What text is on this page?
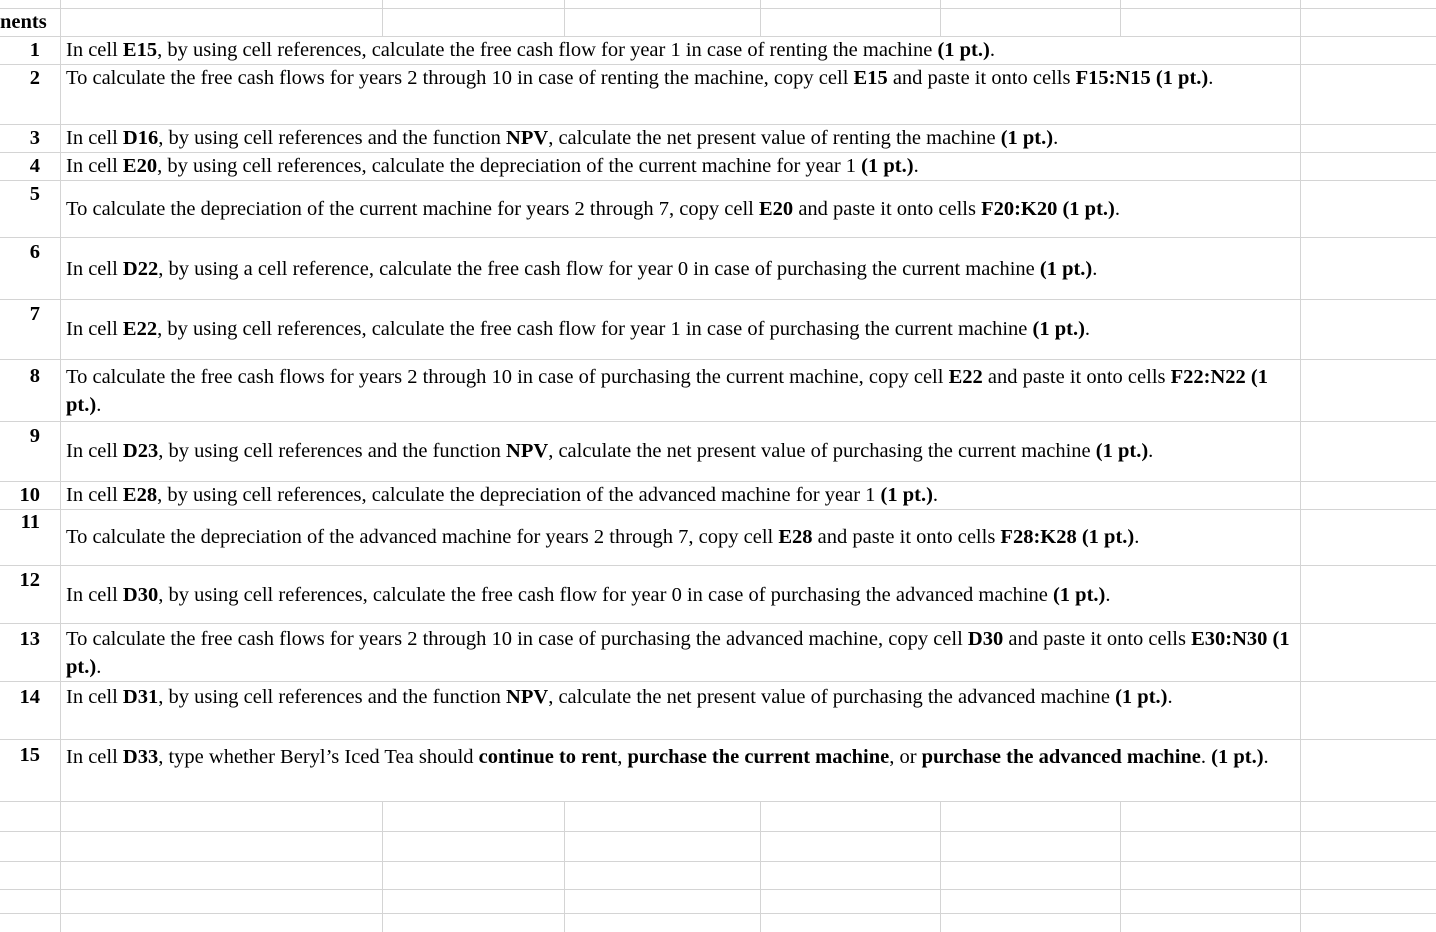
nents
1 In cell E15, by using cell references, calculate the free cash flow for year 1 in case of renting the machine (1 pt.).
2 To calculate the free cash flows for years 2 through 10 in case of renting the machine, copy cell E15 and paste it onto cells F15:N15 (1 pt.).
3 In cell D16, by using cell references and the function NPV, calculate the net present value of renting the machine (1 pt.).
4 In cell E20, by using cell references, calculate the depreciation of the current machine for year 1 (1 pt.).
5
To calculate the depreciation of the current machine for years 2 through 7, copy cell E20 and paste it onto cells F20:K20 (1 pt.).
6
In cell D22, by using a cell reference, calculate the free cash flow for year 0 in case of purchasing the current machine (1 pt.).
7
In cell E22, by using cell references, calculate the free cash flow for year 1 in case of purchasing the current machine (1 pt.).
8 To calculate the free cash flows for years 2 through 10 in case of purchasing the current machine, copy cell E22 and paste it onto cells F22:N22 (1 pt.).
9
In cell D23, by using cell references and the function NPV, calculate the net present value of purchasing the current machine (1 pt.).
10 In cell E28, by using cell references, calculate the depreciation of the advanced machine for year 1 (1 pt.).
11
To calculate the depreciation of the advanced machine for years 2 through 7, copy cell E28 and paste it onto cells F28:K28 (1 pt.).
12
In cell D30, by using cell references, calculate the free cash flow for year 0 in case of purchasing the advanced machine (1 pt.).
13 To calculate the free cash flows for years 2 through 10 in case of purchasing the advanced machine, copy cell D30 and paste it onto cells E30:N30 (1 pt.).
14 In cell D31, by using cell references and the function NPV, calculate the net present value of purchasing the advanced machine (1 pt.).
15 In cell D33, type whether Beryl’s Iced Tea should continue to rent, purchase the current machine, or purchase the advanced machine. (1 pt.).
